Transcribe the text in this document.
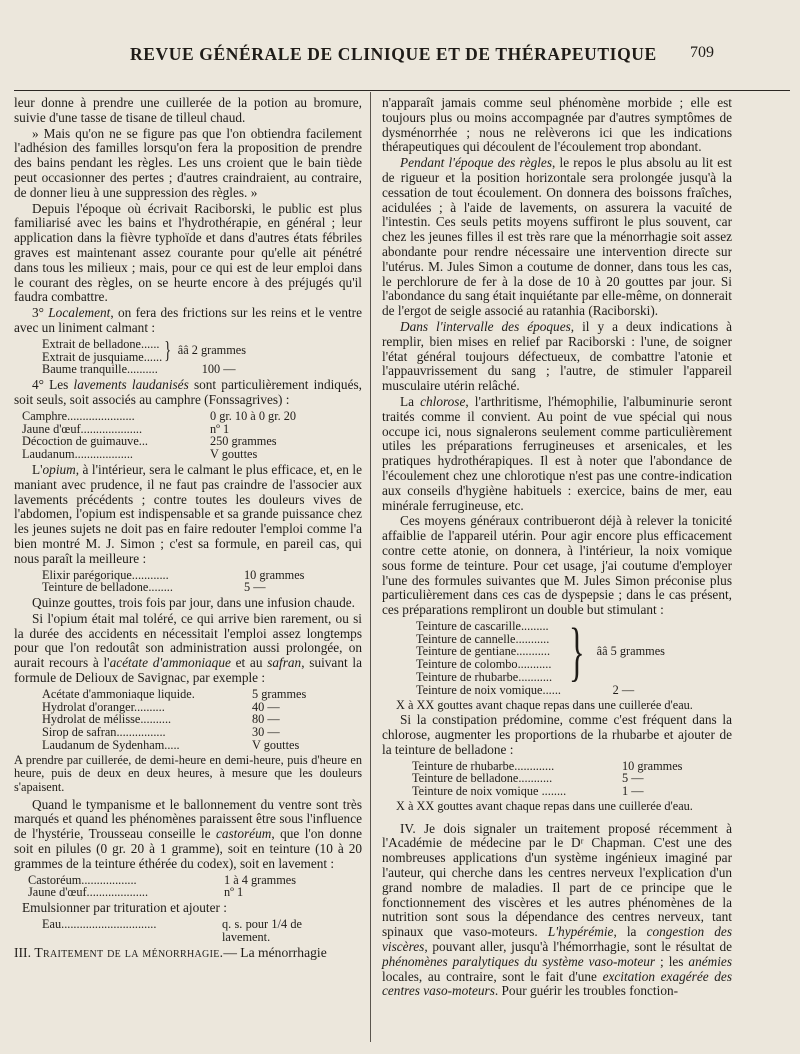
REVUE GÉNÉRALE DE CLINIQUE ET DE THÉRAPEUTIQUE 709

leur donne à prendre une cuillerée de la potion au bromure, suivie d'une tasse de tisane de tilleul chaud.

» Mais qu'on ne se figure pas que l'on obtiendra facilement l'adhésion des familles lorsqu'on fera la proposition de prendre des bains pendant les règles. Les uns croient que le bain tiède peut occasionner des pertes ; d'autres craindraient, au contraire, de donner lieu à une suppression des règles. »

Depuis l'époque où écrivait Raciborski, le public est plus familiarisé avec les bains et l'hydrothérapie, en général ; leur application dans la fièvre typhoïde et dans d'autres états fébriles graves est maintenant assez courante pour qu'elle ait pénétré dans tous les milieux ; mais, pour ce qui est de leur emploi dans le courant des règles, on se heurte encore à des préjugés qu'il faudra combattre.

3° Localement, on fera des frictions sur les reins et le ventre avec un liniment calmant :

Extrait de belladone......	}	ââ 2 grammes
Extrait de jusquiame......		
Baume tranquille..........		100 —

4° Les lavements laudanisés sont particulièrement indiqués, soit seuls, soit associés au camphre (Fonssagrives) :

Camphre......................	0 gr. 10 à 0 gr. 20
Jaune d'œuf....................	nº 1
Décoction de guimauve...	250 grammes
Laudanum...................	V gouttes

L'opium, à l'intérieur, sera le calmant le plus efficace, et, en le maniant avec prudence, il ne faut pas craindre de l'associer aux lavements précédents ; contre toutes les douleurs vives de l'abdomen, l'opium est indispensable et sa grande puissance chez les jeunes sujets ne doit pas en faire redouter l'emploi comme l'a bien montré M. J. Simon ; c'est sa formule, en pareil cas, qui nous paraît la meilleure :

Elixir parégorique............	10 grammes
Teinture de belladone........	5 —

Quinze gouttes, trois fois par jour, dans une infusion chaude.

Si l'opium était mal toléré, ce qui arrive bien rarement, ou si la durée des accidents en nécessitait l'emploi assez longtemps pour que l'on redoutât son administration aussi prolongée, on aurait recours à l'acétate d'ammoniaque et au safran, suivant la formule de Delioux de Savignac, par exemple :

Acétate d'ammoniaque liquide.	5 grammes
Hydrolat d'oranger..........	40 —
Hydrolat de mélisse..........	80 —
Sirop de safran................	30 —
Laudanum de Sydenham.....	V gouttes

A prendre par cuillerée, de demi-heure en demi-heure, puis d'heure en heure, puis de deux en deux heures, à mesure que les douleurs s'apaisent.

Quand le tympanisme et le ballonnement du ventre sont très marqués et quand les phénomènes paraissent être sous l'influence de l'hystérie, Trousseau conseille le castoréum, que l'on donne soit en pilules (0 gr. 20 à 1 gramme), soit en teinture (10 à 20 grammes de la teinture éthérée du codex), soit en lavement :

Castoréum..................	1 à 4 grammes
Jaune d'œuf....................	nº 1

Emulsionner par trituration et ajouter :

Eau...............................	q. s. pour 1/4 de lavement.

III. Traitement de la ménorrhagie.— La ménorrhagie

n'apparaît jamais comme seul phénomène morbide ; elle est toujours plus ou moins accompagnée par d'autres symptômes de dysménorrhée ; nous ne relèverons ici que les indications thérapeutiques qui découlent de l'écoulement trop abondant.

Pendant l'époque des règles, le repos le plus absolu au lit est de rigueur et la position horizontale sera prolongée jusqu'à la cessation de tout écoulement. On donnera des boissons fraîches, acidulées ; à l'aide de lavements, on assurera la vacuité de l'intestin. Ces seuls petits moyens suffiront le plus souvent, car chez les jeunes filles il est très rare que la ménorrhagie soit assez abondante pour rendre nécessaire une intervention directe sur l'utérus. M. Jules Simon a coutume de donner, dans tous les cas, le perchlorure de fer à la dose de 10 à 20 gouttes par jour. Si l'abondance du sang était inquiétante par elle-même, on donnerait de l'ergot de seigle associé au ratanhia (Raciborski).

Dans l'intervalle des époques, il y a deux indications à remplir, bien mises en relief par Raciborski : l'une, de soigner l'état général toujours défectueux, de combattre l'atonie et l'appauvrissement du sang ; l'autre, de stimuler l'appareil musculaire utérin relâché.

La chlorose, l'arthritisme, l'hémophilie, l'albuminurie seront traités comme il convient. Au point de vue spécial qui nous occupe ici, nous signalerons seulement comme particulièrement utiles les préparations ferrugineuses et arsenicales, et les pratiques hydrothérapiques. Il est à noter que l'abondance de l'écoulement chez une chlorotique n'est pas une contre-indication aux conseils d'hygiène habituels : exercice, bains de mer, eau minérale ferrugineuse, etc.

Ces moyens généraux contribueront déjà à relever la tonicité affaiblie de l'appareil utérin. Pour agir encore plus efficacement contre cette atonie, on donnera, à l'intérieur, la noix vomique sous forme de teinture. Pour cet usage, j'ai coutume d'employer l'une des formules suivantes que M. Jules Simon préconise plus particulièrement dans ces cas de dyspepsie ; dans le cas présent, ces préparations rempliront un double but stimulant :

Teinture de cascarille.........	}	ââ 5 grammes
Teinture de cannelle...........		
Teinture de gentiane...........		
Teinture de colombo...........		
Teinture de rhubarbe...........		
Teinture de noix vomique......		2 —

X à XX gouttes avant chaque repas dans une cuillerée d'eau.

Si la constipation prédomine, comme c'est fréquent dans la chlorose, augmenter les proportions de la rhubarbe et ajouter de la teinture de belladone :

Teinture de rhubarbe.............	10 grammes
Teinture de belladone...........	5 —
Teinture de noix vomique ........	1 —

X à XX gouttes avant chaque repas dans une cuillerée d'eau.

IV. Je dois signaler un traitement proposé récemment à l'Académie de médecine par le Dʳ Chapman. C'est une des nombreuses applications d'un système ingénieux imaginé par l'auteur, qui cherche dans les centres nerveux l'explication d'un grand nombre de maladies. Il part de ce principe que le fonctionnement des viscères et les autres phénomènes de la nutrition sont sous la dépendance des centres nerveux, tant spinaux que vaso-moteurs. L'hypérémie, la congestion des viscères, pouvant aller, jusqu'à l'hémorrhagie, sont le résultat de phénomènes paralytiques du système vaso-moteur ; les anémies locales, au contraire, sont le fait d'une excitation exagérée des centres vaso-moteurs. Pour guérir les troubles fonction-
